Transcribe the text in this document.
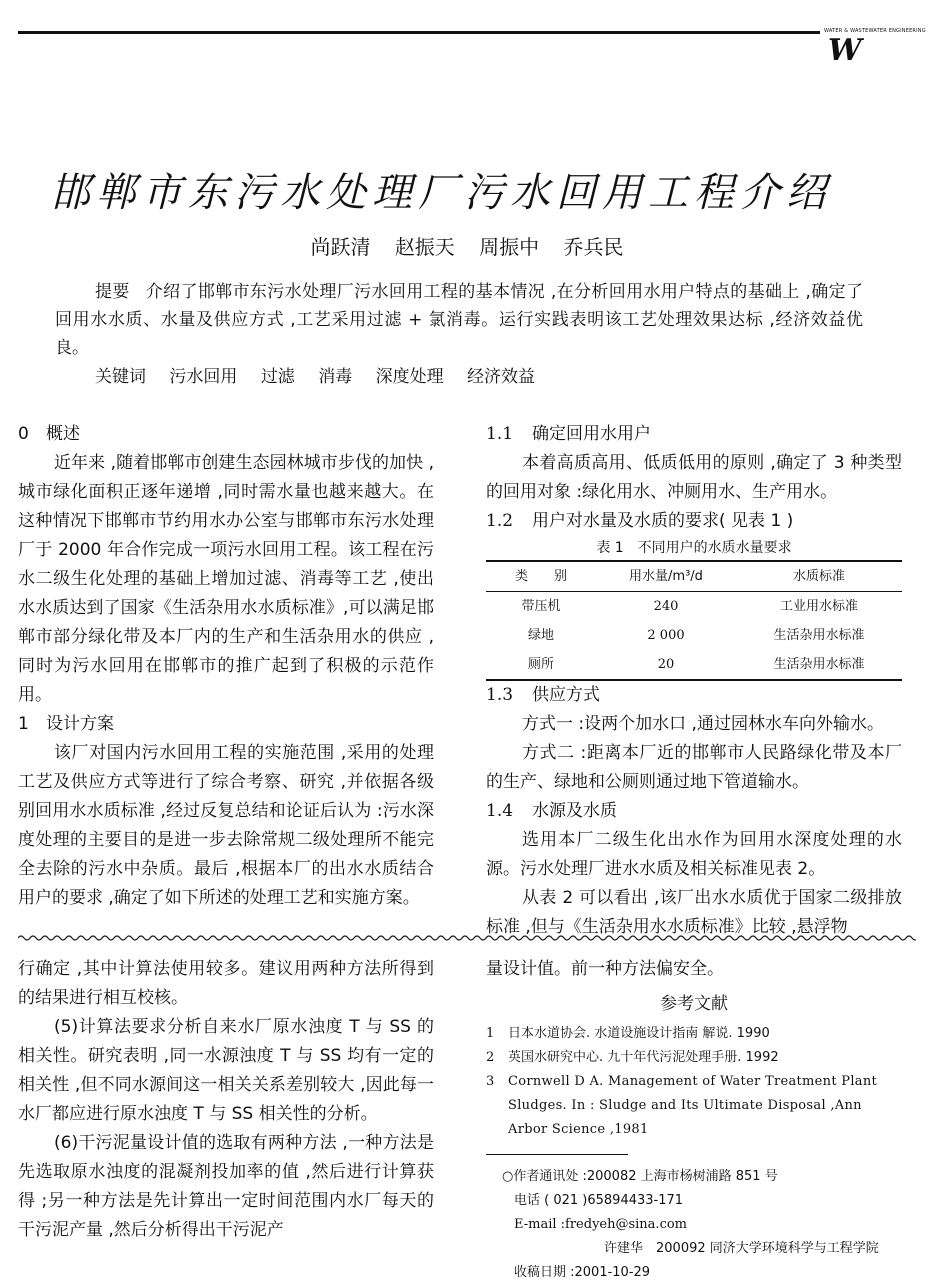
WATER & WASTEWATER ENGINEERING
W
邯郸市东污水处理厂污水回用工程介绍
尚跃清 赵振天 周振中 乔兵民
提要 介绍了邯郸市东污水处理厂污水回用工程的基本情况 ,在分析回用水用户特点的基础上 ,确定了回用水水质、水量及供应方式 ,工艺采用过滤 + 氯消毒。运行实践表明该工艺处理效果达标 ,经济效益优良。
关键词 污水回用 过滤 消毒 深度处理 经济效益
0 概述

近年来 ,随着邯郸市创建生态园林城市步伐的加快 ,城市绿化面积正逐年递增 ,同时需水量也越来越大。在这种情况下邯郸市节约用水办公室与邯郸市东污水处理厂于 2000 年合作完成一项污水回用工程。该工程在污水二级生化处理的基础上增加过滤、消毒等工艺 ,使出水水质达到了国家《生活杂用水水质标准》,可以满足邯郸市部分绿化带及本厂内的生产和生活杂用水的供应 ,同时为污水回用在邯郸市的推广起到了积极的示范作用。

1 设计方案

该厂对国内污水回用工程的实施范围 ,采用的处理工艺及供应方式等进行了综合考察、研究 ,并依据各级别回用水水质标准 ,经过反复总结和论证后认为 :污水深度处理的主要目的是进一步去除常规二级处理所不能完全去除的污水中杂质。最后 ,根据本厂的出水水质结合用户的要求 ,确定了如下所述的处理工艺和实施方案。

1.1 确定回用水用户

本着高质高用、低质低用的原则 ,确定了 3 种类型的回用对象 :绿化用水、冲厕用水、生产用水。

1.2 用户对水量及水质的要求( 见表 1 )
表 1　不同用户的水质水量要求
类　　别	用水量/m³/d	水质标准
带压机	240	工业用水标准
绿地	2 000	生活杂用水标准
厕所	20	生活杂用水标准
1.3 供应方式

方式一 :设两个加水口 ,通过园林水车向外输水。

方式二 :距离本厂近的邯郸市人民路绿化带及本厂的生产、绿地和公厕则通过地下管道输水。

1.4 水源及水质

选用本厂二级生化出水作为回用水深度处理的水源。污水处理厂进水水质及相关标准见表 2。

从表 2 可以看出 ,该厂出水水质优于国家二级排放标准 ,但与《生活杂用水水质标准》比较 ,悬浮物

行确定 ,其中计算法使用较多。建议用两种方法所得到的结果进行相互校核。

(5)计算法要求分析自来水厂原水浊度 T 与 SS 的相关性。研究表明 ,同一水源浊度 T 与 SS 均有一定的相关性 ,但不同水源间这一相关关系差别较大 ,因此每一水厂都应进行原水浊度 T 与 SS 相关性的分析。

(6)干污泥量设计值的选取有两种方法 ,一种方法是先选取原水浊度的混凝剂投加率的值 ,然后进行计算获得 ;另一种方法是先计算出一定时间范围内水厂每天的干污泥产量 ,然后分析得出干污泥产

量设计值。前一种方法偏安全。

参考文献
1	日本水道协会. 水道设施设计指南 解说. 1990
2	英国水研究中心. 九十年代污泥处理手册. 1992
3	Cornwell D A. Management of Water Treatment Plant Sludges. In : Sludge and Its Ultimate Disposal ,Ann Arbor Science ,1981
○作者通讯处 :200082 上海市杨树浦路 851 号
电话 ( 021 )65894433-171
E-mail :fredyeh@sina.com
许建华　200092 同济大学环境科学与工程学院
收稿日期 :2001-10-29
